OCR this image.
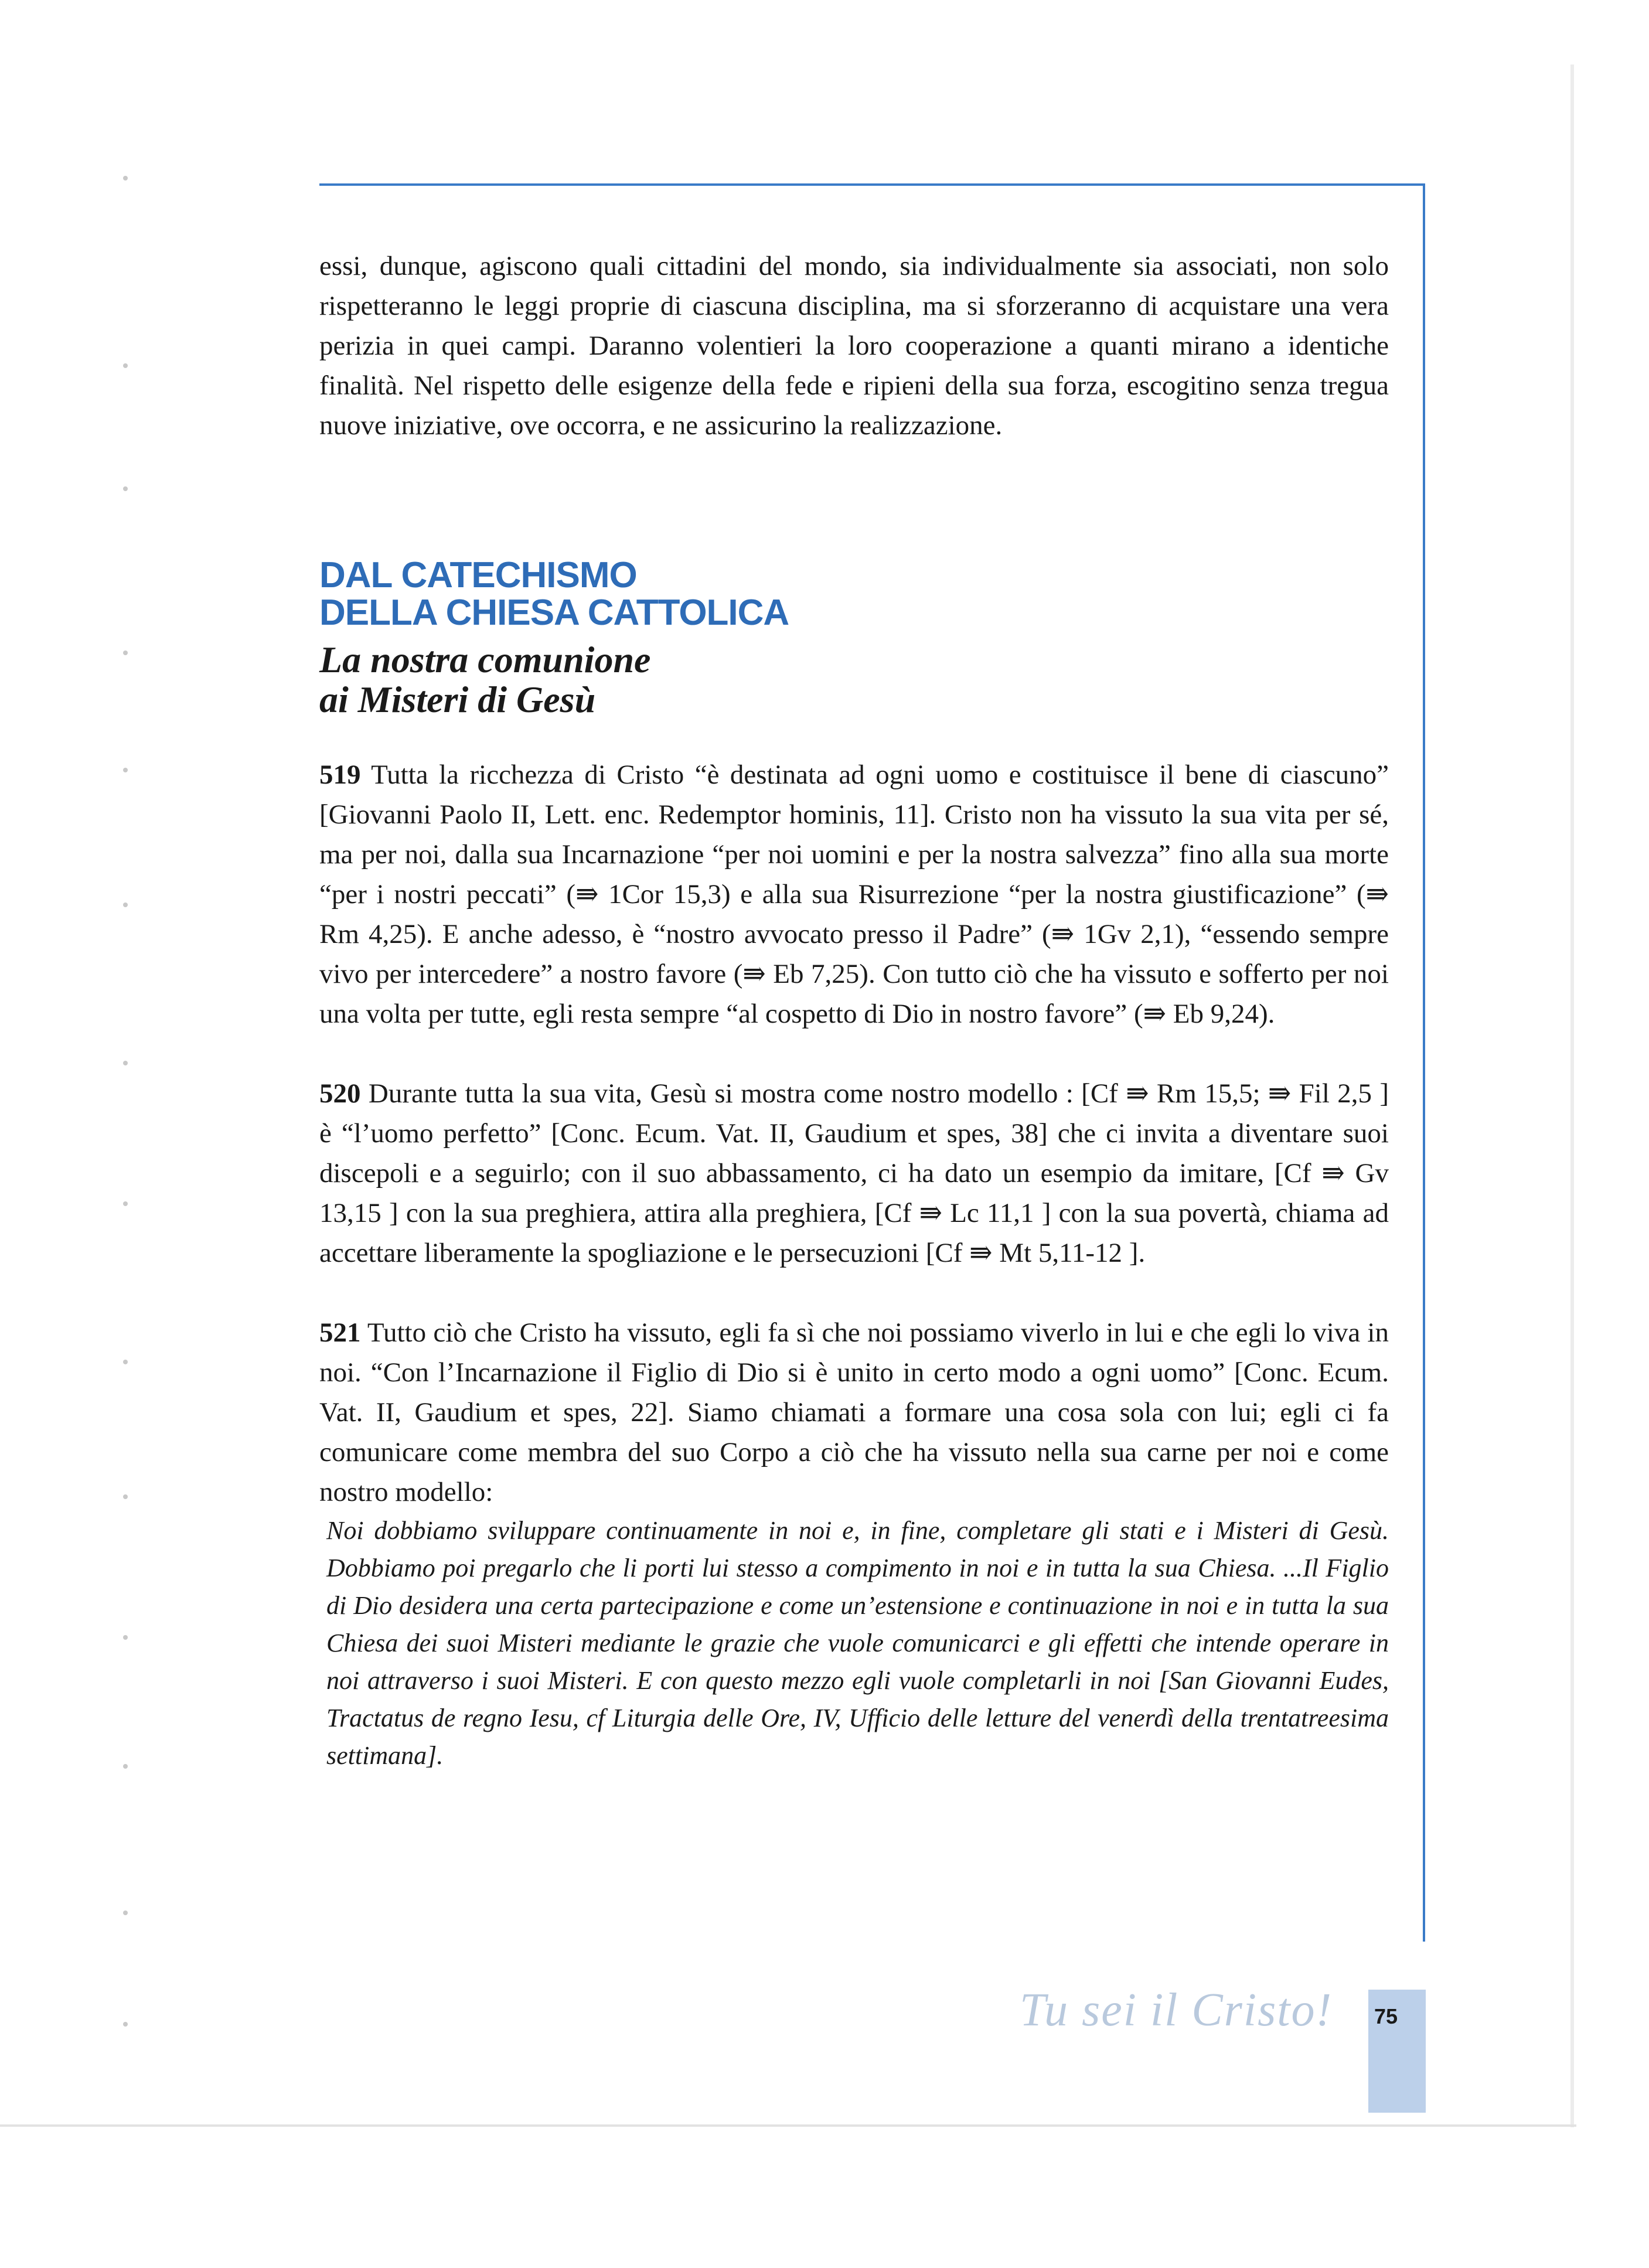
essi, dunque, agiscono quali cittadini del mondo, sia individualmente sia associati, non solo rispetteranno le leggi proprie di ciascuna disciplina, ma si sforzeranno di acquistare una vera perizia in quei campi. Daranno volentieri la loro cooperazione a quanti mirano a identiche finalità. Nel rispetto delle esigenze della fede e ripieni della sua forza, escogitino senza tregua nuove iniziative, ove occorra, e ne assicurino la realizzazione.

DAL CATECHISMO
DELLA CHIESA CATTOLICA
La nostra comunione
ai Misteri di Gesù

519 Tutta la ricchezza di Cristo “è destinata ad ogni uomo e costituisce il bene di ciascuno” [Giovanni Paolo II, Lett. enc. Redemptor hominis, 11]. Cristo non ha vissuto la sua vita per sé, ma per noi, dalla sua Incarnazione “per noi uomini e per la nostra salvezza” fino alla sua morte “per i nostri peccati” (⇛ 1Cor 15,3) e alla sua Risurrezione “per la nostra giustificazione” (⇛ Rm 4,25). E anche adesso, è “nostro avvocato presso il Padre” (⇛ 1Gv 2,1), “essendo sempre vivo per intercedere” a nostro favore (⇛ Eb 7,25). Con tutto ciò che ha vissuto e sofferto per noi una volta per tutte, egli resta sempre “al cospetto di Dio in nostro favore” (⇛ Eb 9,24).

520 Durante tutta la sua vita, Gesù si mostra come nostro modello : [Cf ⇛ Rm 15,5; ⇛ Fil 2,5 ] è “l’uomo perfetto” [Conc. Ecum. Vat. II, Gaudium et spes, 38] che ci invita a diventare suoi discepoli e a seguirlo; con il suo abbassamento, ci ha dato un esempio da imitare, [Cf ⇛ Gv 13,15 ] con la sua preghiera, attira alla preghiera, [Cf ⇛ Lc 11,1 ] con la sua povertà, chiama ad accettare liberamente la spogliazione e le persecuzioni [Cf ⇛ Mt 5,11-12 ].

521 Tutto ciò che Cristo ha vissuto, egli fa sì che noi possiamo viverlo in lui e che egli lo viva in noi. “Con l’Incarnazione il Figlio di Dio si è unito in certo modo a ogni uomo” [Conc. Ecum. Vat. II, Gaudium et spes, 22]. Siamo chiamati a formare una cosa sola con lui; egli ci fa comunicare come membra del suo Corpo a ciò che ha vissuto nella sua carne per noi e come nostro modello:

Noi dobbiamo sviluppare continuamente in noi e, in fine, completare gli stati e i Misteri di Gesù. Dobbiamo poi pregarlo che li porti lui stesso a compimento in noi e in tutta la sua Chiesa. ...Il Figlio di Dio desidera una certa partecipazione e come un’estensione e continuazione in noi e in tutta la sua Chiesa dei suoi Misteri mediante le grazie che vuole comunicarci e gli effetti che intende operare in noi attraverso i suoi Misteri. E con questo mezzo egli vuole completarli in noi [San Giovanni Eudes, Tractatus de regno Iesu, cf Liturgia delle Ore, IV, Ufficio delle letture del venerdì della trentatreesima settimana].

Tu sei il Cristo! 75
